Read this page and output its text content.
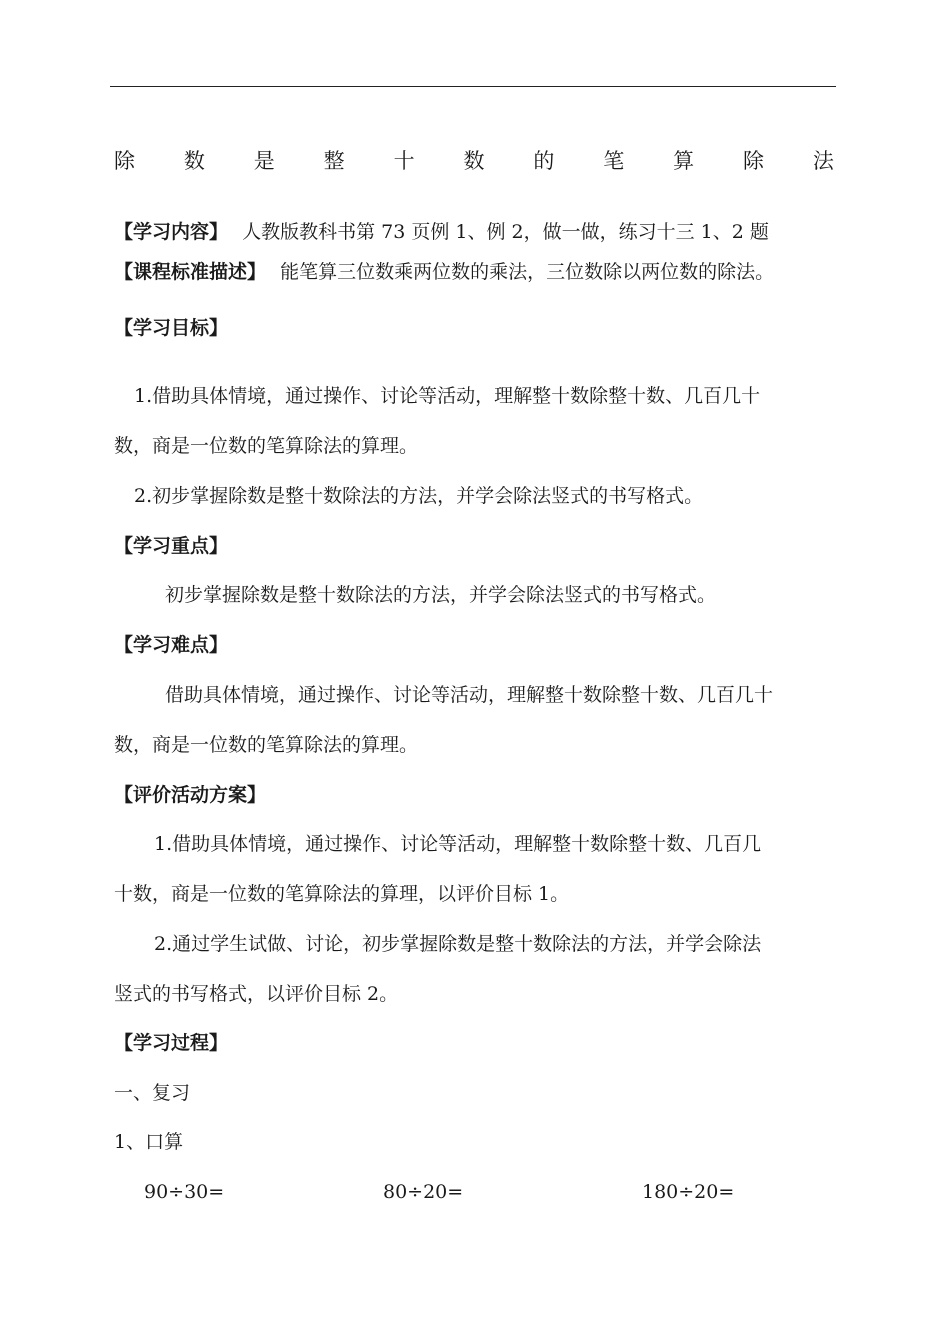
除 数 是 整 十 数 的 笔 算 除 法
【学习内容】 人教版教科书第 73 页例 1、例 2，做一做，练习十三 1、2 题
【课程标准描述】 能笔算三位数乘两位数的乘法，三位数除以两位数的除法。
【学习目标】
1.借助具体情境，通过操作、讨论等活动，理解整十数除整十数、几百几十
数，商是一位数的笔算除法的算理。
2.初步掌握除数是整十数除法的方法，并学会除法竖式的书写格式。
【学习重点】
初步掌握除数是整十数除法的方法，并学会除法竖式的书写格式。
【学习难点】
借助具体情境，通过操作、讨论等活动，理解整十数除整十数、几百几十
数，商是一位数的笔算除法的算理。
【评价活动方案】
1.借助具体情境，通过操作、讨论等活动，理解整十数除整十数、几百几
十数，商是一位数的笔算除法的算理，以评价目标 1。
2.通过学生试做、讨论，初步掌握除数是整十数除法的方法，并学会除法
竖式的书写格式，以评价目标 2。
【学习过程】
一、复习
1、口算
90÷30=	80÷20=	180÷20=
